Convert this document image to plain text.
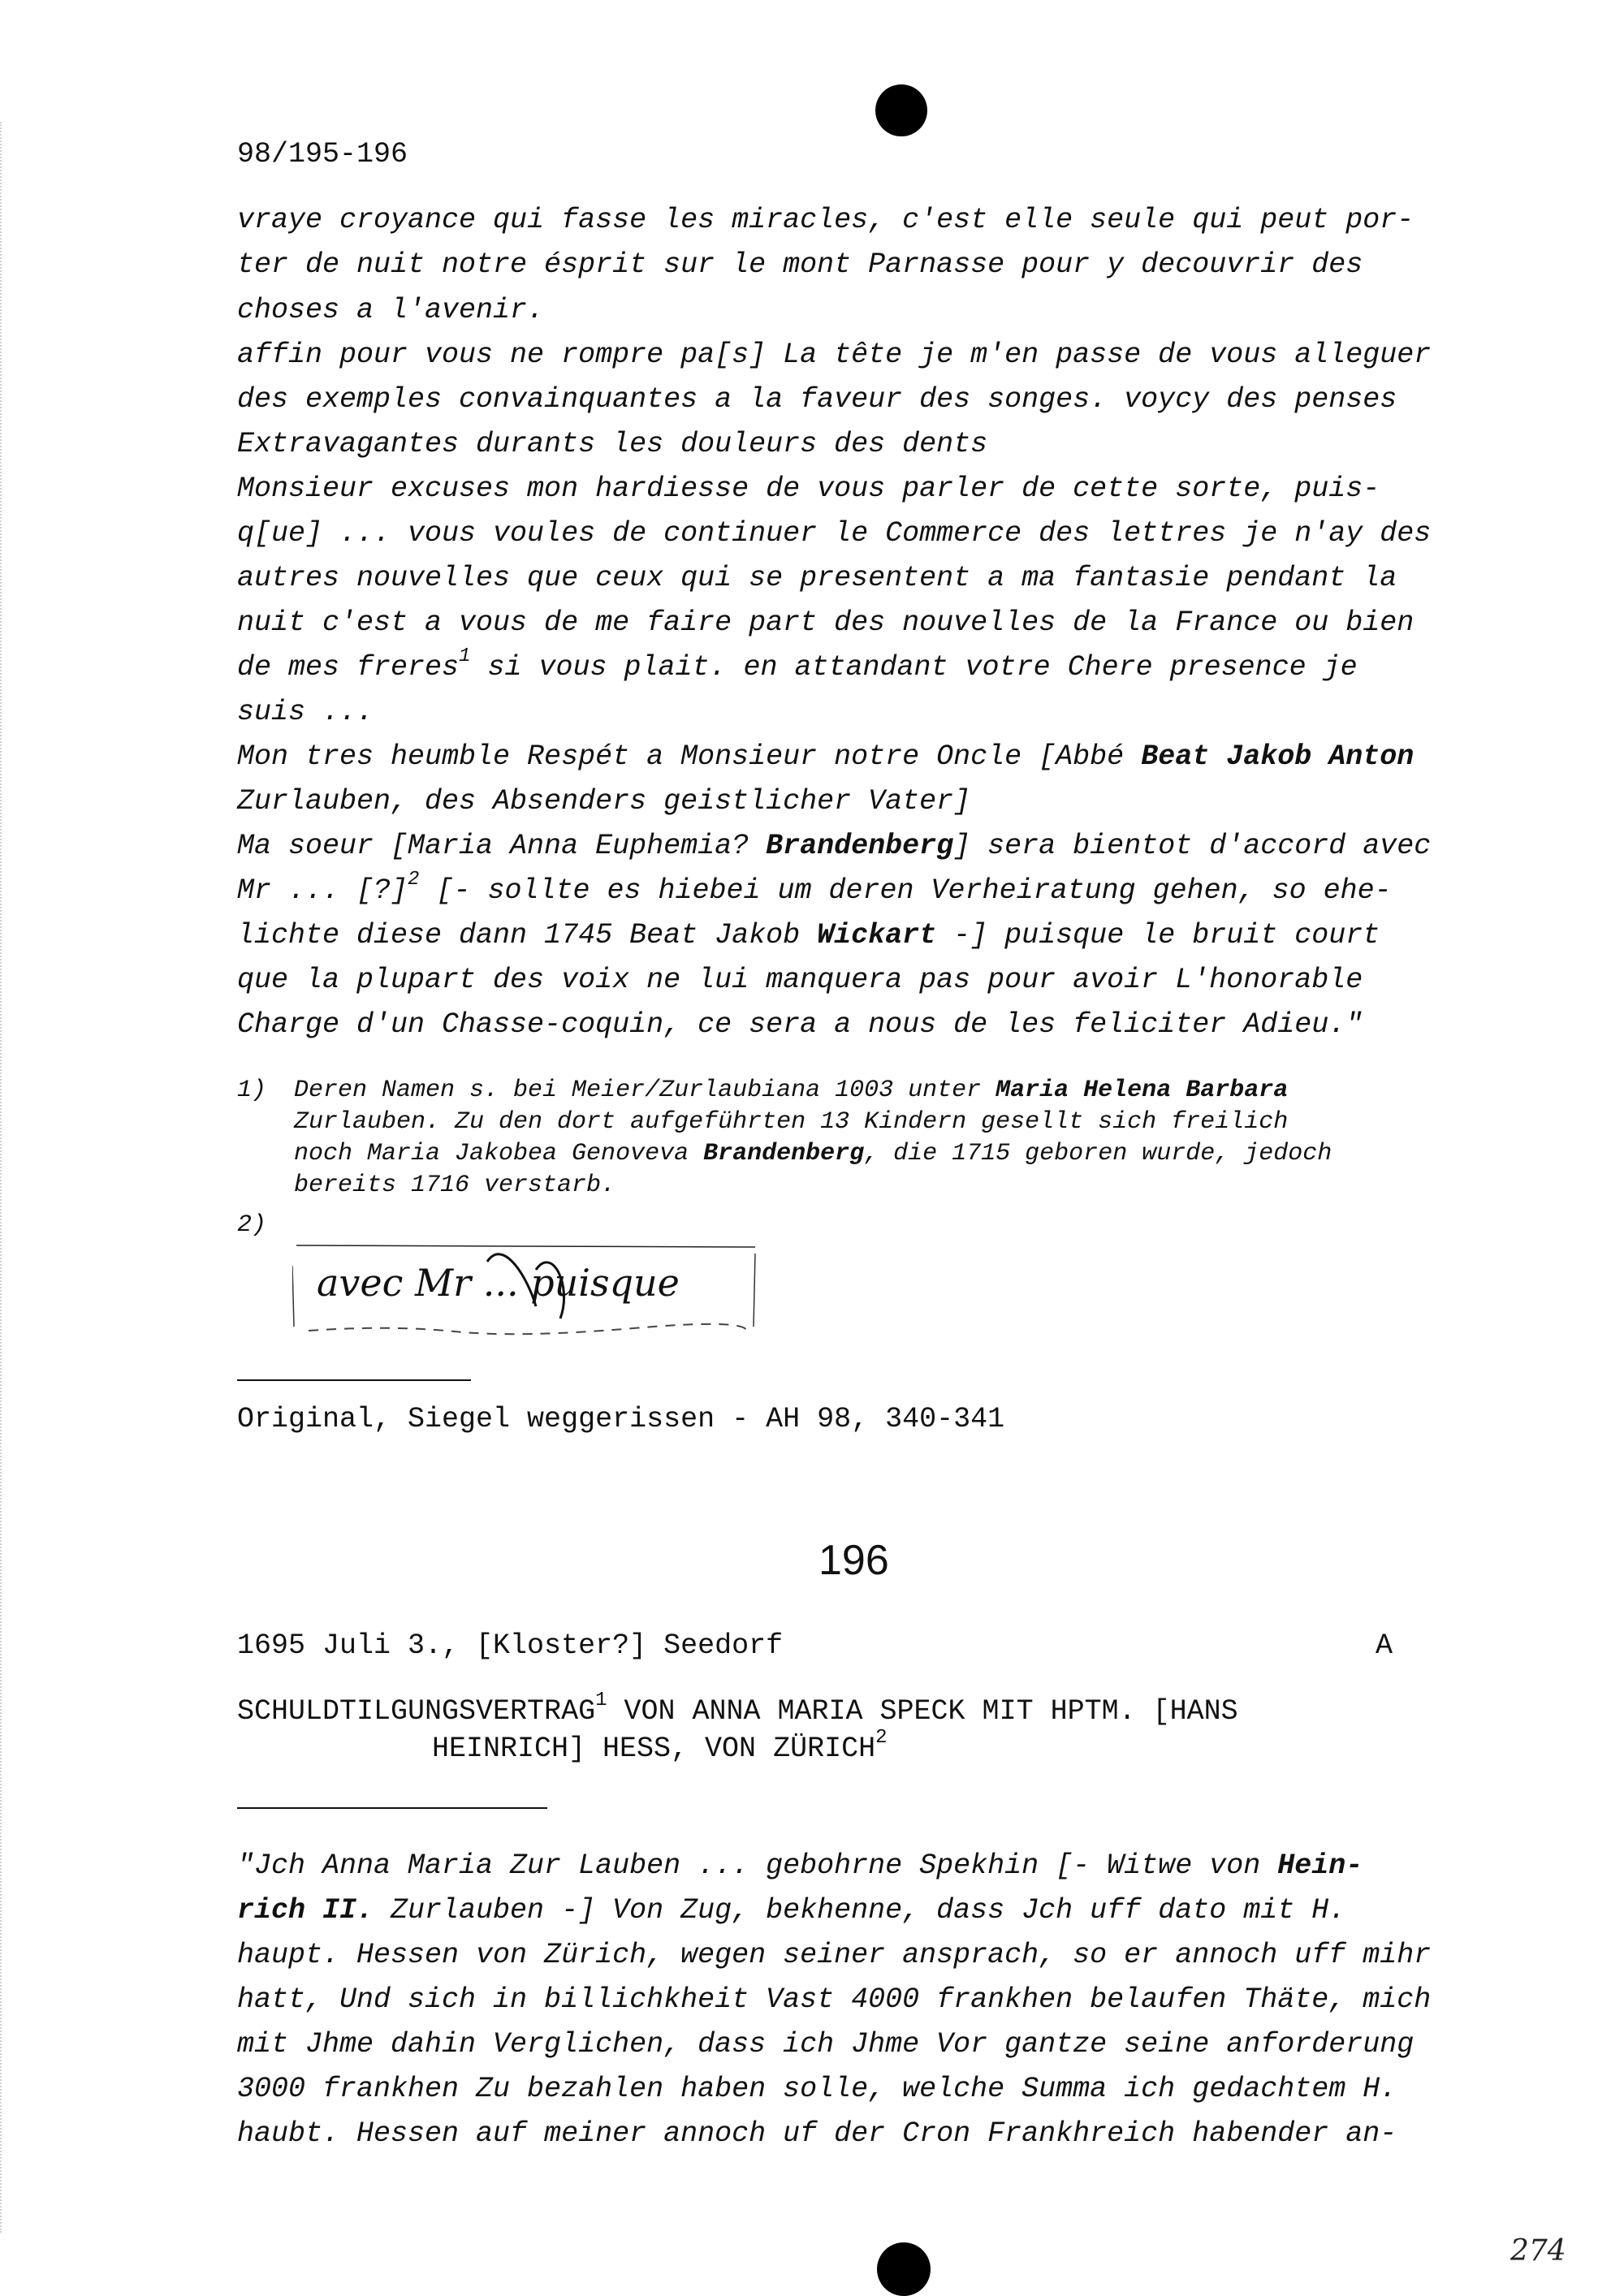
98/195-196
vraye croyance qui fasse les miracles, c'est elle seule qui peut por-
ter de nuit notre ésprit sur le mont Parnasse pour y decouvrir des
choses a l'avenir.
affin pour vous ne rompre pa[s] La tête je m'en passe de vous alleguer
des exemples convainquantes a la faveur des songes. voycy des penses
Extravagantes durants les douleurs des dents
Monsieur excuses mon hardiesse de vous parler de cette sorte, puis-
q[ue] ... vous voules de continuer le Commerce des lettres je n'ay des
autres nouvelles que ceux qui se presentent a ma fantasie pendant la
nuit c'est a vous de me faire part des nouvelles de la France ou bien
de mes freres$^1$ si vous plait. en attandant votre Chere presence je
suis ...
Mon tres heumble Respét a Monsieur notre Oncle [Abbé Beat Jakob Anton
Zurlauben, des Absenders geistlicher Vater]
Ma soeur [Maria Anna Euphemia? Brandenberg] sera bientot d'accord avec
Mr ... [?]$^2$ [- sollte es hiebei um deren Verheiratung gehen, so ehe-
lichte diese dann 1745 Beat Jakob Wickart -] puisque le bruit court
que la plupart des voix ne lui manquera pas pour avoir L'honorable
Charge d'un Chasse-coquin, ce sera a nous de les feliciter Adieu."
1) Deren Namen s. bei Meier/Zurlaubiana 1003 unter Maria Helena Barbara
Zurlauben. Zu den dort aufgeführten 13 Kindern gesellt sich freilich
noch Maria Jakobea Genoveva Brandenberg, die 1715 geboren wurde, jedoch
bereits 1716 verstarb.
2)
avec Mr ... puisque
Original, Siegel weggerissen - AH 98, 340-341
196
1695 Juli 3., [Kloster?] Seedorf	A
SCHULDTILGUNGSVERTRAG$^1$ VON ANNA MARIA SPECK MIT HPTM. [HANS
HEINRICH] HESS, VON ZÜRICH$^2$
"Jch Anna Maria Zur Lauben ... gebohrne Spekhin [- Witwe von Hein-
rich II. Zurlauben -] Von Zug, bekhenne, dass Jch uff dato mit H.
haupt. Hessen von Zürich, wegen seiner ansprach, so er annoch uff mihr
hatt, Und sich in billichkheit Vast 4000 frankhen belaufen Thäte, mich
mit Jhme dahin Verglichen, dass ich Jhme Vor gantze seine anforderung
3000 frankhen Zu bezahlen haben solle, welche Summa ich gedachtem H.
haubt. Hessen auf meiner annoch uf der Cron Frankhreich habender an-
274
